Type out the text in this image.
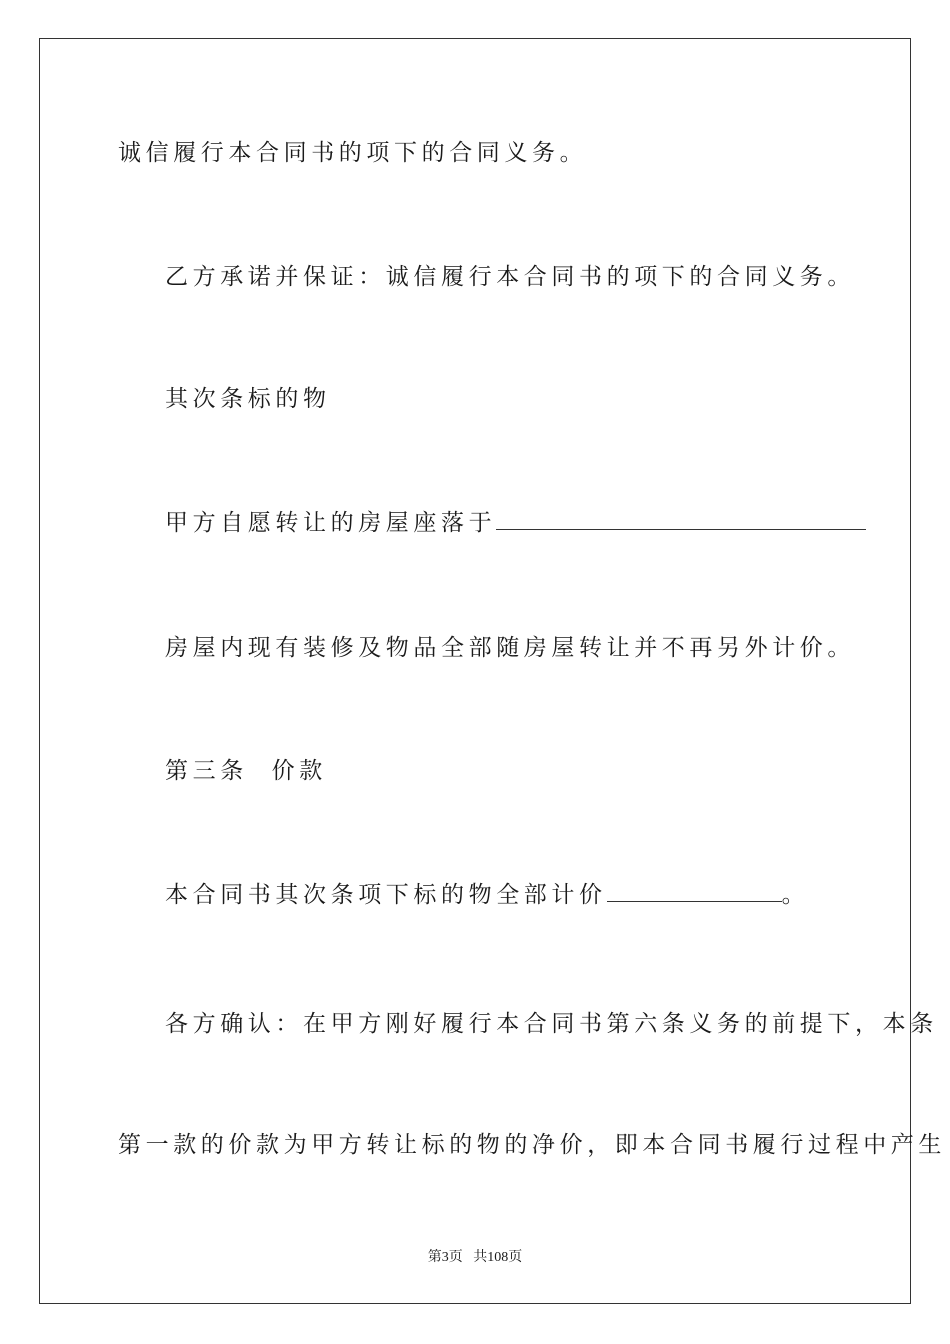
诚信履行本合同书的项下的合同义务。
乙方承诺并保证：诚信履行本合同书的项下的合同义务。
其次条标的物
甲方自愿转让的房屋座落于
房屋内现有装修及物品全部随房屋转让并不再另外计价。
第三条  价款
本合同书其次条项下标的物全部计价	。
各方确认：在甲方刚好履行本合同书第六条义务的前提下，本条
第一款的价款为甲方转让标的物的净价，即本合同书履行过程中产生
第3页 共108页
